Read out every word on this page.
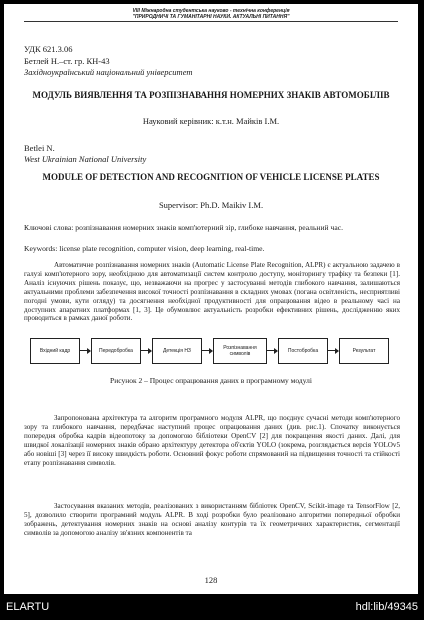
VIII Міжнародна студентська науково - технічна конференція
"ПРИРОДНИЧІ ТА ГУМАНІТАРНІ НАУКИ. АКТУАЛЬНІ ПИТАННЯ"
УДК 621.3.06
Бетлей Н.–ст. гр. КН-43
Західноукраїнський національний університет
МОДУЛЬ ВИЯВЛЕННЯ ТА РОЗПІЗНАВАННЯ НОМЕРНИХ ЗНАКІВ АВТОМОБІЛІВ
Науковий керівник: к.т.н. Майків І.М.
Betlei N.
West Ukrainian National University
MODULE OF DETECTION AND RECOGNITION OF VEHICLE LICENSE PLATES
Supervisor: Ph.D. Maikiv I.M.
Ключові слова: розпізнавання номерних знаків комп'ютерний зір, глибоке навчання, реальний час.
Keywords: license plate recognition, computer vision, deep learning, real-time.
Автоматичне розпізнавання номерних знаків (Automatic License Plate Recognition, ALPR) є актуальною задачею в галузі комп'ютерного зору, необхідною для автоматизації систем контролю доступу, моніторингу трафіку та безпеки [1]. Аналіз існуючих рішень показує, що, незважаючи на прогрес у застосуванні методів глибокого навчання, залишаються актуальними проблеми забезпечення високої точності розпізнавання в складних умовах (погана освітленість, несприятливі погодні умови, кути огляду) та досягнення необхідної продуктивності для опрацювання відео в реальному часі на доступних апаратних платформах [1, 3]. Це обумовлює актуальність розробки ефективних рішень, дослідженню яких проводиться в рамках даної роботи.
Вхідний кадр	Передобробка	Детекція НЗ	Розпізнавання символів	Постобробка	Результат
Рисунок 2 – Процес опрацювання даних в програмному модулі
Запропонована архітектура та алгоритм програмного модуля ALPR, що поєднує сучасні методи комп'ютерного зору та глибокого навчання, передбачає наступний процес опрацювання даних (див. рис.1). Спочатку виконується попередня обробка кадрів відеопотоку за допомогою бібліотеки OpenCV [2] для покращення якості даних. Далі, для швидкої локалізації номерних знаків обрано архітектуру детектора об'єктів YOLO (зокрема, розглядається версія YOLOv5 або новіші [3] через її високу швидкість роботи. Основний фокус роботи спрямований на підвищення точності та стійкості етапу розпізнавання символів.
Застосування вказаних методів, реалізованих з використанням бібліотек OpenCV, Scikit-image та TensorFlow [2, 5], дозволило створити програмний модуль ALPR. В ході розробки було реалізовано алгоритми попередньої обробки зображень, детектування номерних знаків на основі аналізу контурів та їх геометричних характеристик, сегментації символів за допомогою аналізу зв'язних компонентів та
128
ELARTU	hdl:lib/49345
